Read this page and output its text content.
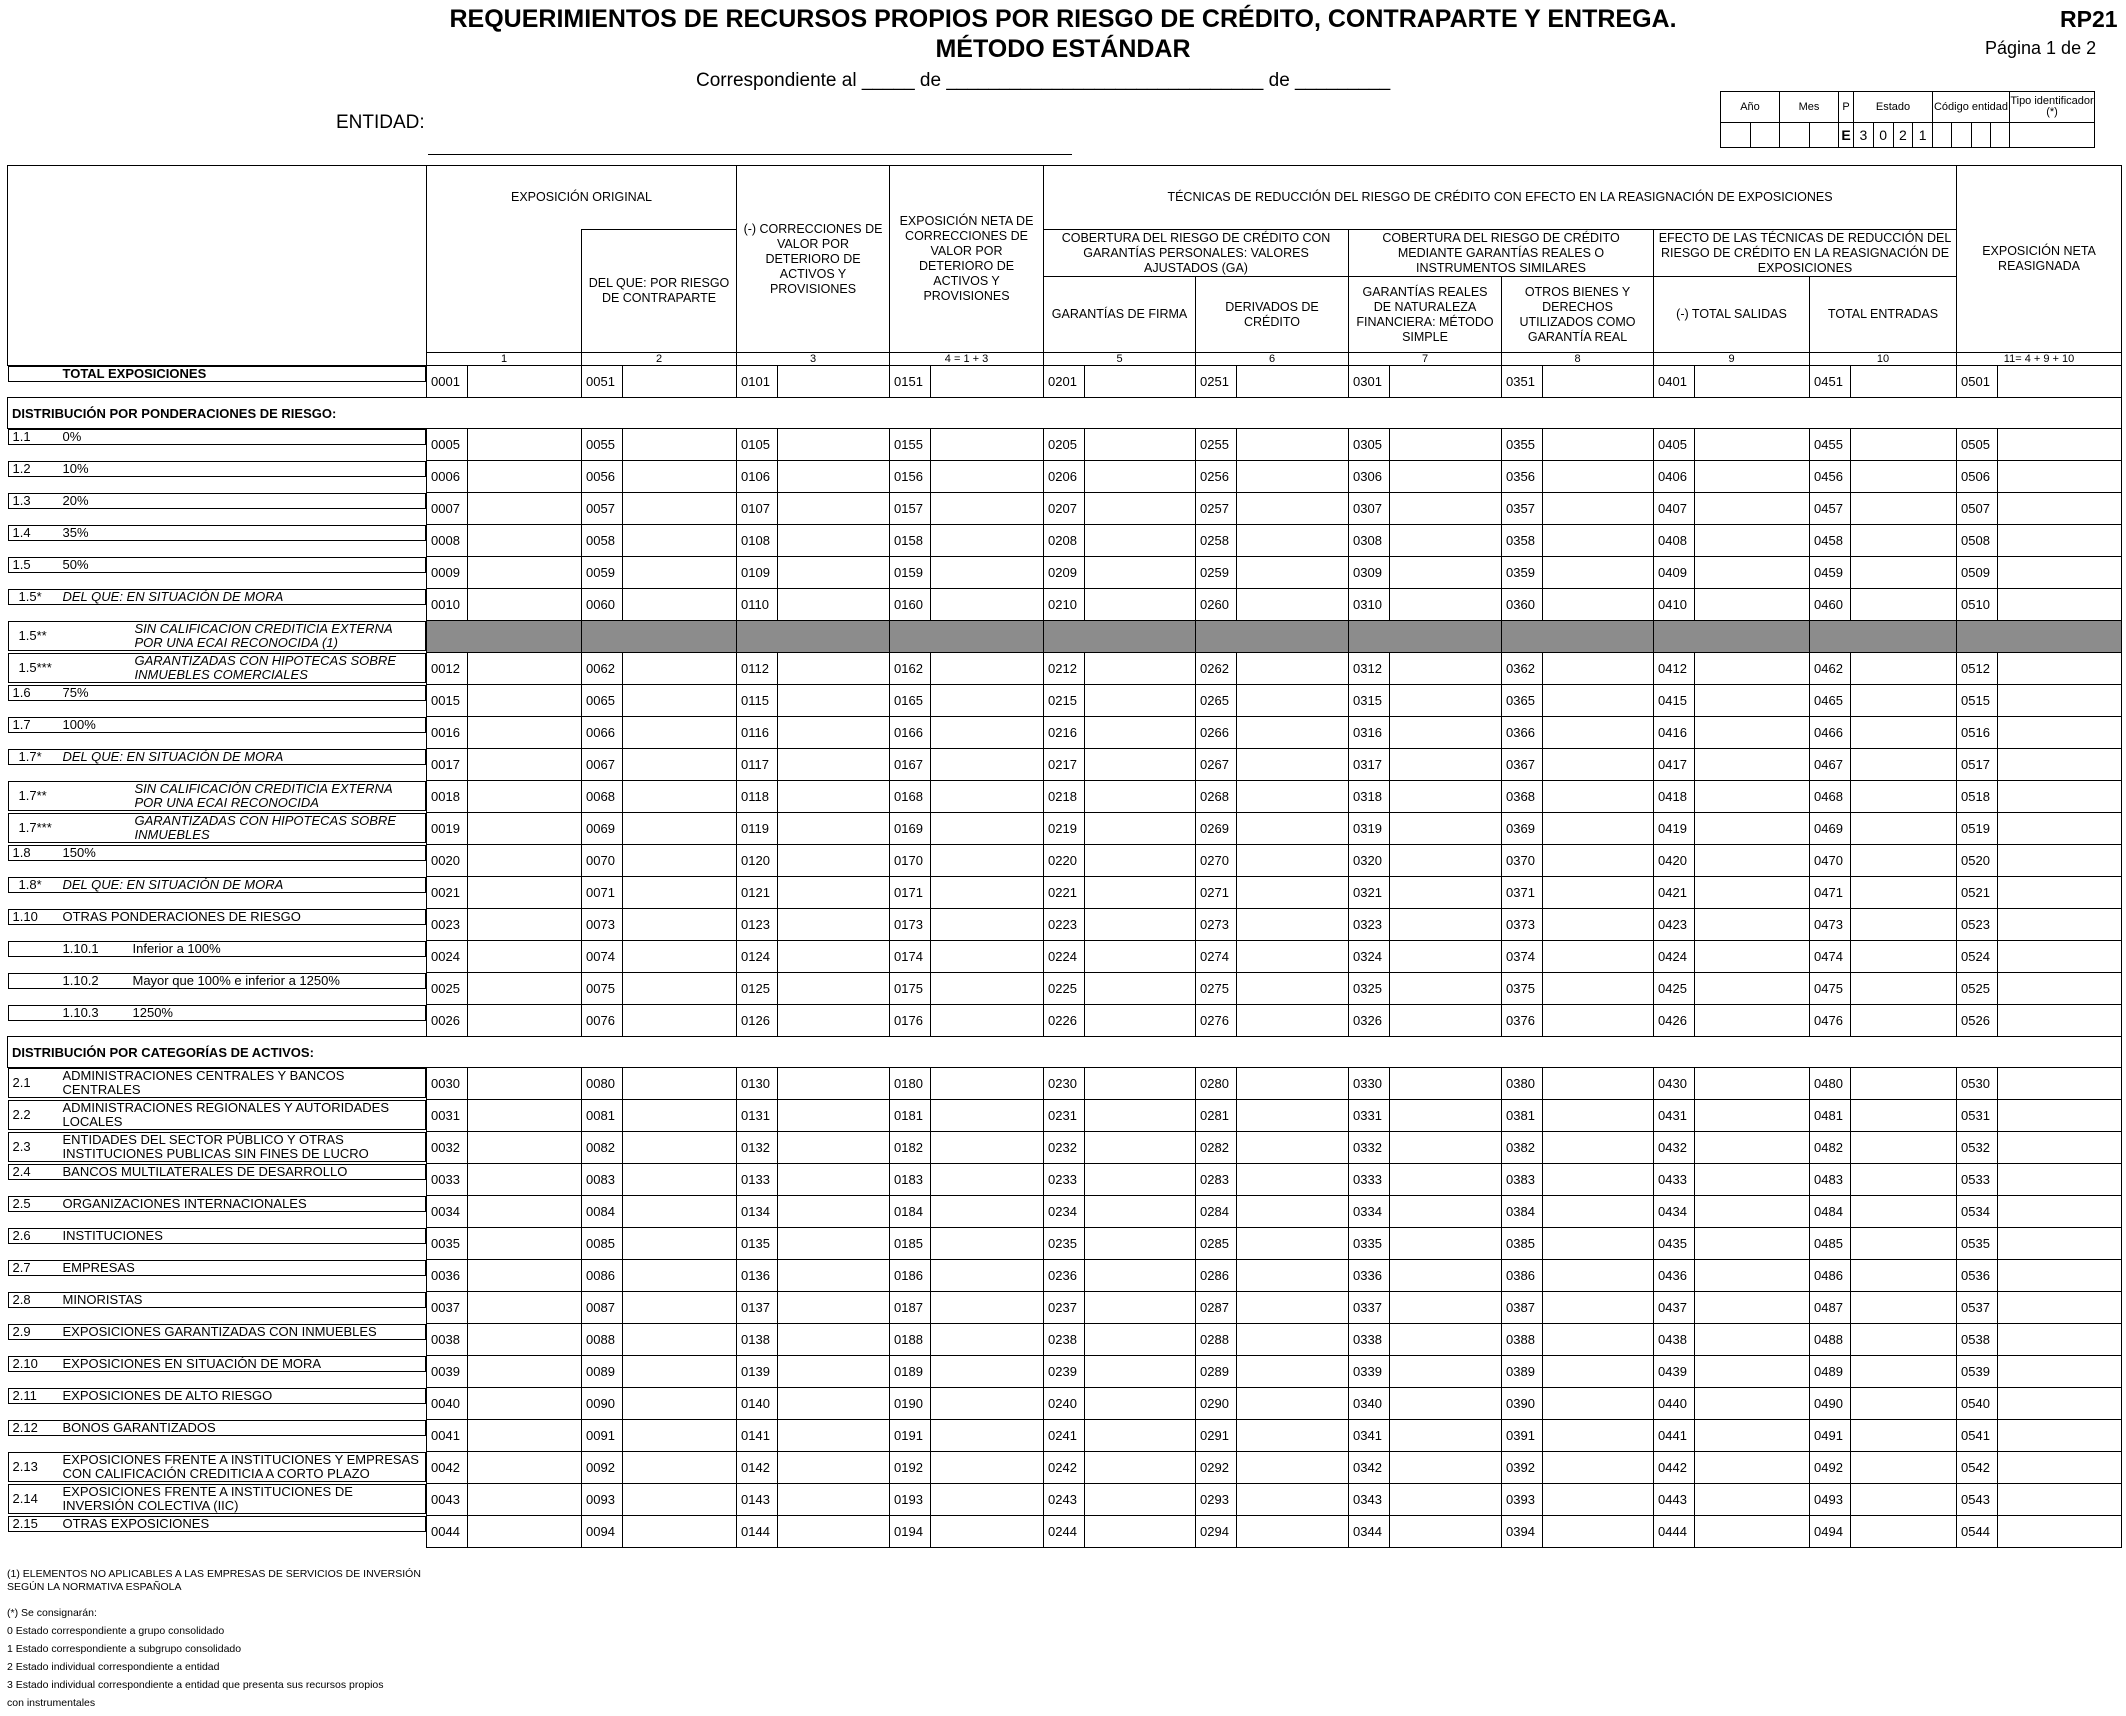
REQUERIMIENTOS DE RECURSOS PROPIOS POR RIESGO DE CRÉDITO, CONTRAPARTE Y ENTREGA.
MÉTODO ESTÁNDAR
RP21
Página 1 de 2
Correspondiente al _____ de ______________________________ de _________
ENTIDAD:
Año		Mes		P	Estado				Código entidad				Tipo identificador (*)
				E	3	0	2	1					
	EXPOSICIÓN ORIGINAL		(-) CORRECCIONES DE VALOR POR DETERIORO DE ACTIVOS Y PROVISIONES	EXPOSICIÓN NETA DE CORRECCIONES DE VALOR POR DETERIORO DE ACTIVOS Y PROVISIONES	TÉCNICAS DE REDUCCIÓN DEL RIESGO DE CRÉDITO CON EFECTO EN LA REASIGNACIÓN DE EXPOSICIONES						EXPOSICIÓN NETA REASIGNADA
		DEL QUE: POR RIESGO DE CONTRAPARTE			COBERTURA DEL RIESGO DE CRÉDITO CON GARANTÍAS PERSONALES: VALORES AJUSTADOS (GA)		COBERTURA DEL RIESGO DE CRÉDITO MEDIANTE GARANTÍAS REALES O INSTRUMENTOS SIMILARES		EFECTO DE LAS TÉCNICAS DE REDUCCIÓN DEL RIESGO DE CRÉDITO EN LA REASIGNACIÓN DE EXPOSICIONES		
					GARANTÍAS DE FIRMA	DERIVADOS DE CRÉDITO	GARANTÍAS REALES DE NATURALEZA FINANCIERA: MÉTODO SIMPLE	OTROS BIENES Y DERECHOS UTILIZADOS COMO GARANTÍA REAL	(-) TOTAL SALIDAS	TOTAL ENTRADAS	

	1	2	3	4 = 1 + 3	5	6	7	8	9	10	11= 4 + 9 + 10

TOTAL EXPOSICIONES
0001	0051	0101	0151	0201	0251	0301	0351	0401	0451	0501
DISTRIBUCIÓN POR PONDERACIONES DE RIESGO:											

1.1	0%
0005	0055	0105	0155	0205	0255	0305	0355	0405	0455	0505

1.2	10%
0006	0056	0106	0156	0206	0256	0306	0356	0406	0456	0506

1.3	20%
0007	0057	0107	0157	0207	0257	0307	0357	0407	0457	0507

1.4	35%
0008	0058	0108	0158	0208	0258	0308	0358	0408	0458	0508

1.5	50%
0009	0059	0109	0159	0209	0259	0309	0359	0409	0459	0509

1.5*	DEL QUE: EN SITUACIÓN DE MORA
0010	0060	0110	0160	0210	0260	0310	0360	0410	0460	0510

1.5**	SIN CALIFICACION CREDITICIA EXTERNA POR UNA ECAI RECONOCIDA (1)

1.5***	GARANTIZADAS CON HIPOTECAS SOBRE INMUEBLES COMERCIALES	0012	0062	0112	0162	0212	0262	0312	0362	0412	0462	0512

1.6	75%
0015	0065	0115	0165	0215	0265	0315	0365	0415	0465	0515

1.7	100%
0016	0066	0116	0166	0216	0266	0316	0366	0416	0466	0516

1.7*	DEL QUE: EN SITUACIÓN DE MORA
0017	0067	0117	0167	0217	0267	0317	0367	0417	0467	0517

1.7**	SIN CALIFICACIÓN CREDITICIA EXTERNA POR UNA ECAI RECONOCIDA	0018	0068	0118	0168	0218	0268	0318	0368	0418	0468	0518

1.7***	GARANTIZADAS CON HIPOTECAS SOBRE INMUEBLES	0019	0069	0119	0169	0219	0269	0319	0369	0419	0469	0519

1.8	150%
0020	0070	0120	0170	0220	0270	0320	0370	0420	0470	0520

1.8*	DEL QUE: EN SITUACIÓN DE MORA
0021	0071	0121	0171	0221	0271	0321	0371	0421	0471	0521

1.10	OTRAS PONDERACIONES DE RIESGO
0023	0073	0123	0173	0223	0273	0323	0373	0423	0473	0523

1.10.1	Inferior a 100%
0024	0074	0124	0174	0224	0274	0324	0374	0424	0474	0524

1.10.2	Mayor que 100% e inferior a 1250%
0025	0075	0125	0175	0225	0275	0325	0375	0425	0475	0525

1.10.3	1250%
0026	0076	0126	0176	0226	0276	0326	0376	0426	0476	0526
DISTRIBUCIÓN POR CATEGORÍAS DE ACTIVOS:											

2.1	ADMINISTRACIONES CENTRALES Y BANCOS CENTRALES	0030	0080	0130	0180	0230	0280	0330	0380	0430	0480	0530

2.2	ADMINISTRACIONES REGIONALES Y AUTORIDADES LOCALES	0031	0081	0131	0181	0231	0281	0331	0381	0431	0481	0531

2.3	ENTIDADES DEL SECTOR PÚBLICO Y OTRAS INSTITUCIONES PUBLICAS SIN FINES DE LUCRO	0032	0082	0132	0182	0232	0282	0332	0382	0432	0482	0532

2.4	BANCOS MULTILATERALES DE DESARROLLO
0033	0083	0133	0183	0233	0283	0333	0383	0433	0483	0533

2.5	ORGANIZACIONES INTERNACIONALES
0034	0084	0134	0184	0234	0284	0334	0384	0434	0484	0534

2.6	INSTITUCIONES
0035	0085	0135	0185	0235	0285	0335	0385	0435	0485	0535

2.7	EMPRESAS
0036	0086	0136	0186	0236	0286	0336	0386	0436	0486	0536

2.8	MINORISTAS
0037	0087	0137	0187	0237	0287	0337	0387	0437	0487	0537

2.9	EXPOSICIONES GARANTIZADAS CON INMUEBLES
0038	0088	0138	0188	0238	0288	0338	0388	0438	0488	0538

2.10	EXPOSICIONES EN SITUACIÓN DE MORA
0039	0089	0139	0189	0239	0289	0339	0389	0439	0489	0539

2.11	EXPOSICIONES DE ALTO RIESGO
0040	0090	0140	0190	0240	0290	0340	0390	0440	0490	0540

2.12	BONOS GARANTIZADOS
0041	0091	0141	0191	0241	0291	0341	0391	0441	0491	0541

2.13	EXPOSICIONES FRENTE A INSTITUCIONES Y EMPRESAS CON CALIFICACIÓN CREDITICIA A CORTO PLAZO	0042	0092	0142	0192	0242	0292	0342	0392	0442	0492	0542

2.14	EXPOSICIONES FRENTE A INSTITUCIONES DE INVERSIÓN COLECTIVA (IIC)	0043	0093	0143	0193	0243	0293	0343	0393	0443	0493	0543

2.15	OTRAS EXPOSICIONES
0044	0094	0144	0194	0244	0294	0344	0394	0444	0494	0544
(1) ELEMENTOS NO APLICABLES A LAS EMPRESAS DE SERVICIOS DE INVERSIÓN SEGÚN LA NORMATIVA ESPAÑOLA
(*) Se consignarán:
0 Estado correspondiente a grupo consolidado
1 Estado correspondiente a subgrupo consolidado
2 Estado individual correspondiente a entidad
3 Estado individual correspondiente a entidad que presenta sus recursos propios con instrumentales
